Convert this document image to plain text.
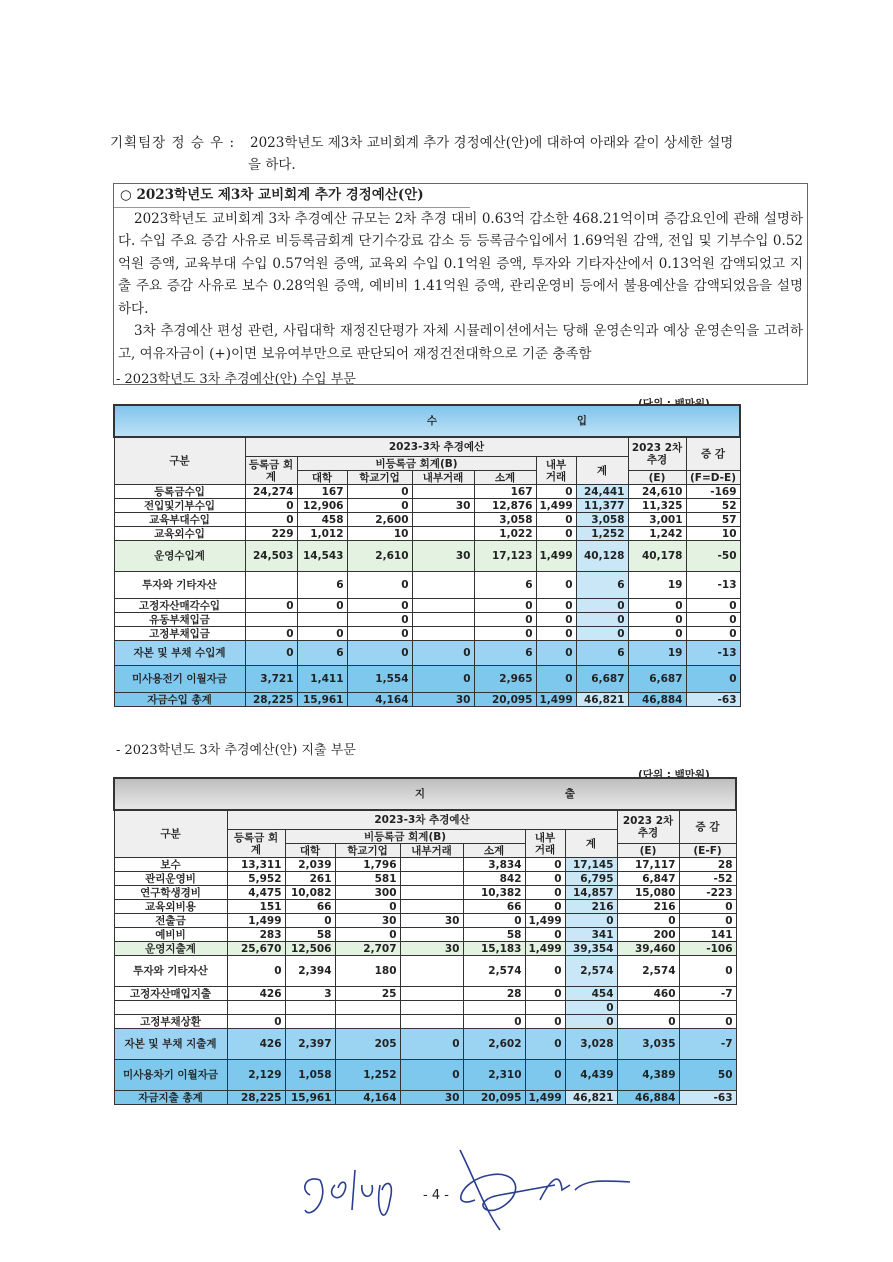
기획팀장 정 승 우 : 2023학년도 제3차 교비회계 추가 경정예산(안)에 대하여 아래와 같이 상세한 설명
을 하다.
○ 2023학년도 제3차 교비회계 추가 경정예산(안)

2023학년도 교비회계 3차 추경예산 규모는 2차 추경 대비 0.63억 감소한 468.21억이며 증감요인에 관해 설명하다. 수입 주요 증감 사유로 비등록금회계 단기수강료 감소 등 등록금수입에서 1.69억원 감액, 전입 및 기부수입 0.52억원 증액, 교육부대 수입 0.57억원 증액, 교육외 수입 0.1억원 증액, 투자와 기타자산에서 0.13억원 감액되었고 지출 주요 증감 사유로 보수 0.28억원 증액, 예비비 1.41억원 증액, 관리운영비 등에서 불용예산을 감액되었음을 설명하다.

3차 추경예산 편성 관련, 사립대학 재정진단평가 자체 시뮬레이션에서는 당해 운영손익과 예상 운영손익을 고려하고, 여유자금이 (+)이면 보유여부만으로 판단되어 재정건전대학으로 기준 충족함

- 2023학년도 3차 추경예산(안) 수입 부문
(단위 : 백만원)
수 입									
구분	2023-3차 추경예산							2023 2차추경	증 감
	등록금 회계	비등록금 회계(B)				내부 거래	계		
		대학	학교기업	내부거래	소계			(E)	(F=D-E)
등록금수입	24,274	167	0		167	0	24,441	24,610	-169
전입및기부수입	0	12,906	0	30	12,876	1,499	11,377	11,325	52
교육부대수입	0	458	2,600		3,058	0	3,058	3,001	57
교육외수입	229	1,012	10		1,022	0	1,252	1,242	10
운영수입계	24,503	14,543	2,610	30	17,123	1,499	40,128	40,178	-50
투자와 기타자산		6	0		6	0	6	19	-13
고정자산매각수입	0	0	0		0	0	0	0	0
유동부채입금			0		0	0	0	0	0
고정부채입금	0	0	0		0	0	0	0	0
자본 및 부채 수입계	0	6	0	0	6	0	6	19	-13
미사용전기 이월자금	3,721	1,411	1,554	0	2,965	0	6,687	6,687	0
자금수입 총계	28,225	15,961	4,164	30	20,095	1,499	46,821	46,884	-63
- 2023학년도 3차 추경예산(안) 지출 부문
(단위 : 백만원)
지 출									
구분	2023-3차 추경예산							2023 2차추경	증 감
	등록금 회계	비등록금 회계(B)				내부 거래	계		
		대학	학교기업	내부거래	소계			(E)	(E-F)
보수	13,311	2,039	1,796		3,834	0	17,145	17,117	28
관리운영비	5,952	261	581		842	0	6,795	6,847	-52
연구학생경비	4,475	10,082	300		10,382	0	14,857	15,080	-223
교육외비용	151	66	0		66	0	216	216	0
전출금	1,499	0	30	30	0	1,499	0	0	0
예비비	283	58	0		58	0	341	200	141
운영지출계	25,670	12,506	2,707	30	15,183	1,499	39,354	39,460	-106
투자와 기타자산	0	2,394	180		2,574	0	2,574	2,574	0
고정자산매입지출	426	3	25		28	0	454	460	-7
							0		
고정부채상환	0				0	0	0	0	0
자본 및 부채 지출계	426	2,397	205	0	2,602	0	3,028	3,035	-7
미사용차기 이월자금	2,129	1,058	1,252	0	2,310	0	4,439	4,389	50
자금지출 총계	28,225	15,961	4,164	30	20,095	1,499	46,821	46,884	-63
- 4 -
